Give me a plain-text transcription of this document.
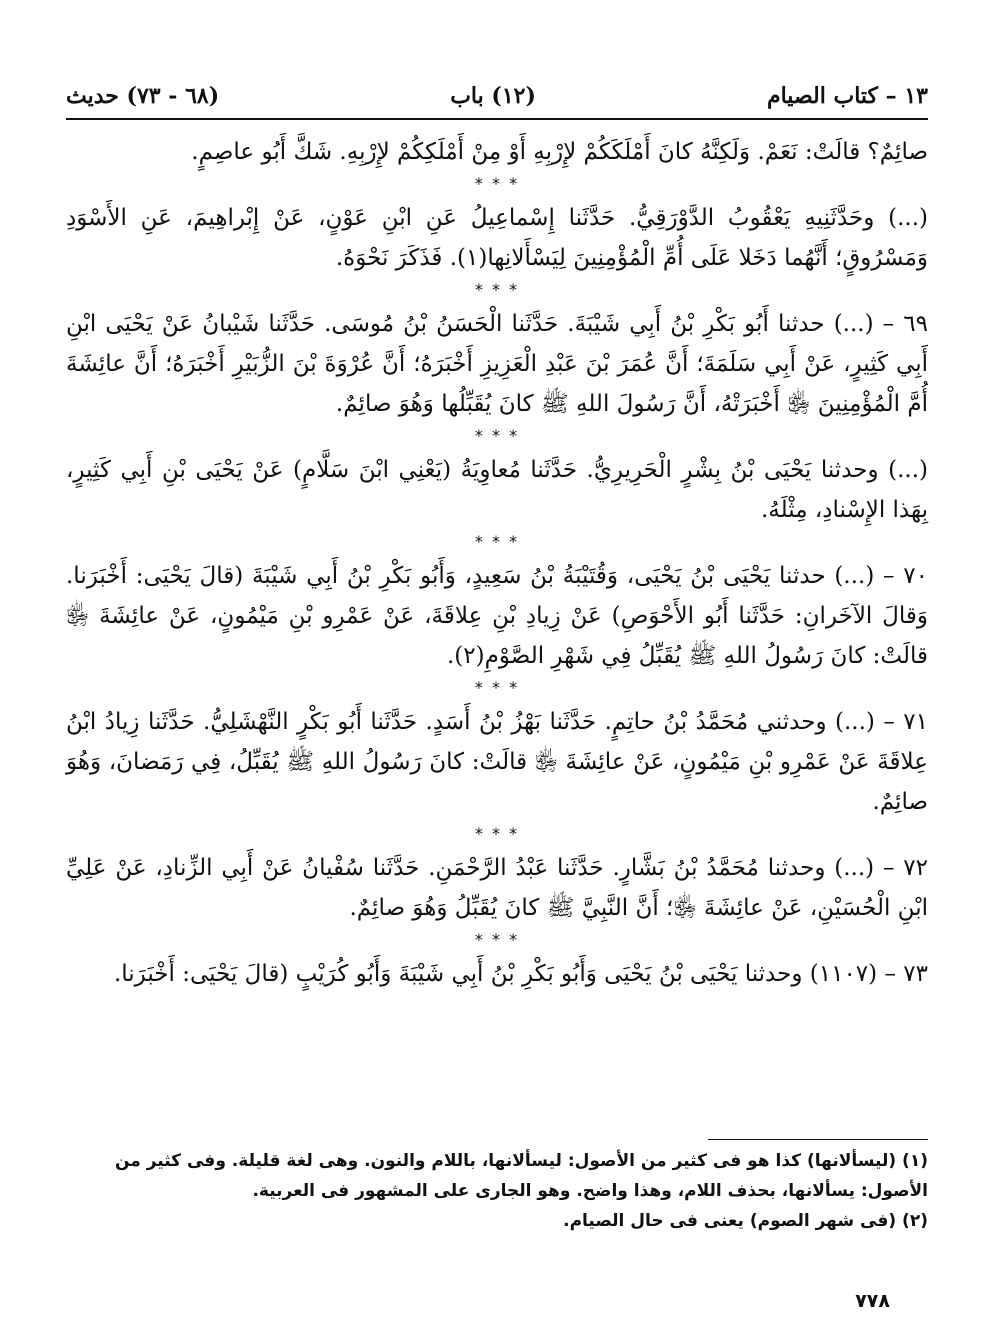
١٣ – كتاب الصيام
(١٢) باب
(٦٨ - ٧٣) حديث

صائِمٌ؟ قالَتْ: نَعَمْ. وَلَكِنَّهُ كانَ أَمْلَكَكُمْ لإِرْبِهِ أَوْ مِنْ أَمْلَكِكُمْ لإِرْبِهِ. شَكَّ أَبُو عاصِمٍ.

* * *

(...) وحَدَّثَنِيهِ يَعْقُوبُ الدَّوْرَقِيُّ. حَدَّثَنا إِسْماعِيلُ عَنِ ابْنِ عَوْنٍ، عَنْ إِبْراهِيمَ، عَنِ الأَسْوَدِ وَمَسْرُوقٍ؛ أَنَّهُما دَخَلا عَلَى أُمِّ الْمُؤْمِنِينَ لِيَسْأَلانِها(١). فَذَكَرَ نَحْوَهُ.

* * *

٦٩ – (...) حدثنا أَبُو بَكْرِ بْنُ أَبِي شَيْبَةَ. حَدَّثَنا الْحَسَنُ بْنُ مُوسَى. حَدَّثَنا شَيْبانُ عَنْ يَحْيَى ابْنِ أَبِي كَثِيرٍ، عَنْ أَبِي سَلَمَةَ؛ أَنَّ عُمَرَ بْنَ عَبْدِ الْعَزِيزِ أَخْبَرَهُ؛ أَنَّ عُرْوَةَ بْنَ الزُّبَيْرِ أَخْبَرَهُ؛ أَنَّ عائِشَةَ أُمَّ الْمُؤْمِنِينَ ﵂ أَخْبَرَتْهُ، أَنَّ رَسُولَ اللهِ ﷺ كانَ يُقَبِّلُها وَهُوَ صائِمٌ.

* * *

(...) وحدثنا يَحْيَى بْنُ بِشْرٍ الْحَرِيرِيُّ. حَدَّثَنا مُعاوِيَةُ (يَعْنِي ابْنَ سَلَّامٍ) عَنْ يَحْيَى بْنِ أَبِي كَثِيرٍ، بِهَذا الإِسْنادِ، مِثْلَهُ.

* * *

٧٠ – (...) حدثنا يَحْيَى بْنُ يَحْيَى، وَقُتَيْبَةُ بْنُ سَعِيدٍ، وَأَبُو بَكْرِ بْنُ أَبِي شَيْبَةَ (قالَ يَحْيَى: أَخْبَرَنا. وَقالَ الآخَرانِ: حَدَّثَنا أَبُو الأَحْوَصِ) عَنْ زِيادِ بْنِ عِلاقَةَ، عَنْ عَمْرِو بْنِ مَيْمُونٍ، عَنْ عائِشَةَ ﵂ قالَتْ: كانَ رَسُولُ اللهِ ﷺ يُقَبِّلُ فِي شَهْرِ الصَّوْمِ(٢).

* * *

٧١ – (...) وحدثني مُحَمَّدُ بْنُ حاتِمٍ. حَدَّثَنا بَهْزُ بْنُ أَسَدٍ. حَدَّثَنا أَبُو بَكْرٍ النَّهْشَلِيُّ. حَدَّثَنا زِيادُ ابْنُ عِلاقَةَ عَنْ عَمْرِو بْنِ مَيْمُونٍ، عَنْ عائِشَةَ ﵂ قالَتْ: كانَ رَسُولُ اللهِ ﷺ يُقَبِّلُ، فِي رَمَضانَ، وَهُوَ صائِمٌ.

* * *

٧٢ – (...) وحدثنا مُحَمَّدُ بْنُ بَشَّارٍ. حَدَّثَنا عَبْدُ الرَّحْمَنِ. حَدَّثَنا سُفْيانُ عَنْ أَبِي الزِّنادِ، عَنْ عَلِيِّ ابْنِ الْحُسَيْنِ، عَنْ عائِشَةَ ﵂؛ أَنَّ النَّبِيَّ ﷺ كانَ يُقَبِّلُ وَهُوَ صائِمٌ.

* * *

٧٣ – (١١٠٧) وحدثنا يَحْيَى بْنُ يَحْيَى وَأَبُو بَكْرِ بْنُ أَبِي شَيْبَةَ وَأَبُو كُرَيْبٍ (قالَ يَحْيَى: أَخْبَرَنا.

(١) (ليسألانها) كذا هو فى كثير من الأصول: ليسألانها، باللام والنون. وهى لغة قليلة. وفى كثير من الأصول: يسألانها، بحذف اللام، وهذا واضح. وهو الجارى على المشهور فى العربية.

(٢) (فى شهر الصوم) يعنى فى حال الصيام.

٧٧٨
